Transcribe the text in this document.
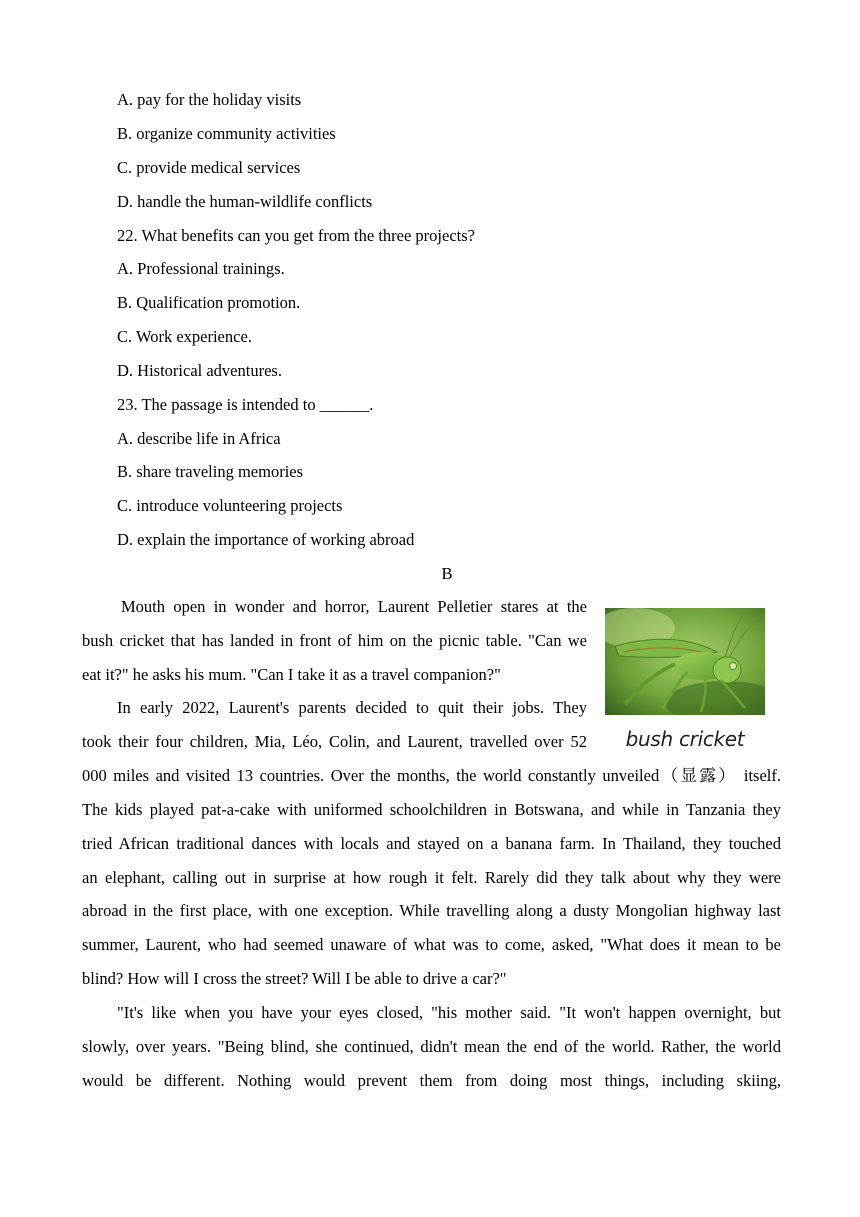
A. pay for the holiday visits
B. organize community activities
C. provide medical services
D. handle the human-wildlife conflicts
22. What benefits can you get from the three projects?
A. Professional trainings.
B. Qualification promotion.
C. Work experience.
D. Historical adventures.
23. The passage is intended to ______.
A. describe life in Africa
B. share traveling memories
C. introduce volunteering projects
D. explain the importance of working abroad
B
bush cricket
Mouth open in wonder and horror, Laurent Pelletier stares at the
bush cricket that has landed in front of him on the picnic table. "Can we
eat it?" he asks his mum. "Can I take it as a travel companion?"
In early 2022, Laurent's parents decided to quit their jobs. They
took their four children, Mia, Léo, Colin, and Laurent, travelled over 52
000 miles and visited 13 countries. Over the months, the world constantly unveiled（显露） itself.
The kids played pat-a-cake with uniformed schoolchildren in Botswana, and while in Tanzania they
tried African traditional dances with locals and stayed on a banana farm. In Thailand, they touched
an elephant, calling out in surprise at how rough it felt. Rarely did they talk about why they were
abroad in the first place, with one exception. While travelling along a dusty Mongolian highway last
summer, Laurent, who had seemed unaware of what was to come, asked, "What does it mean to be
blind? How will I cross the street? Will I be able to drive a car?"
"It's like when you have your eyes closed, "his mother said. "It won't happen overnight, but
slowly, over years. "Being blind, she continued, didn't mean the end of the world. Rather, the world
would be different. Nothing would prevent them from doing most things, including skiing,
